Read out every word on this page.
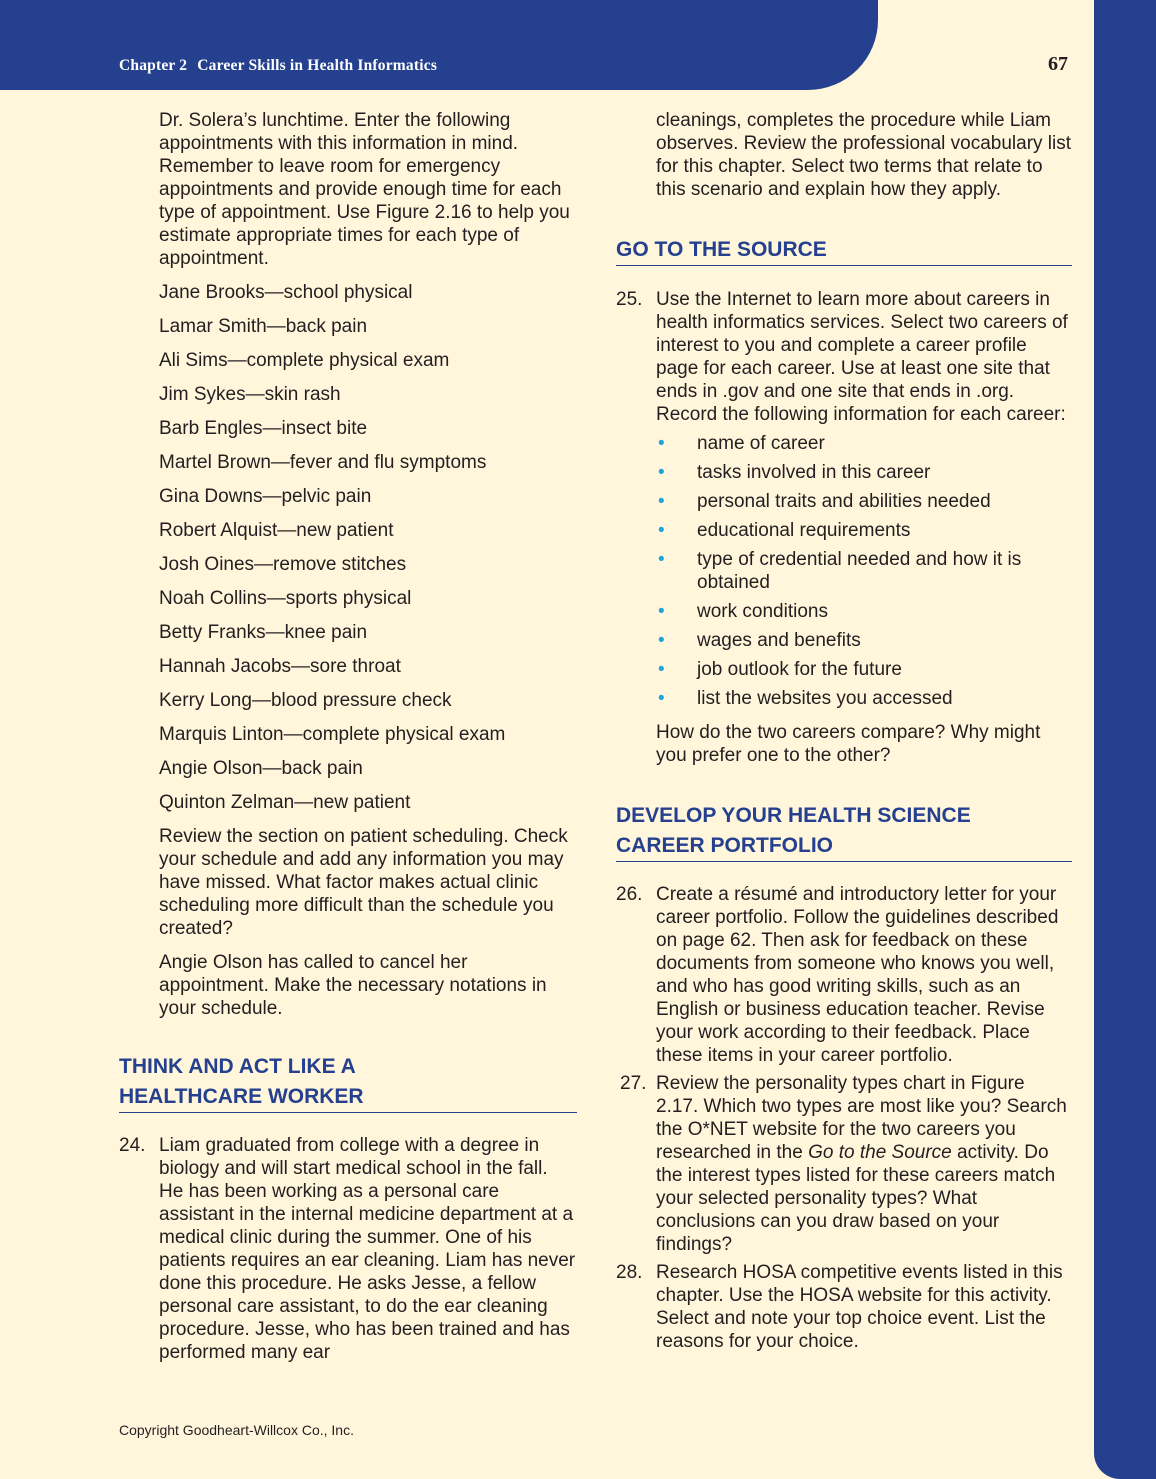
Chapter 2 Career Skills in Health Informatics	67

Dr. Solera’s lunchtime. Enter the following appointments with this information in mind. Remember to leave room for emergency appointments and provide enough time for each type of appointment. Use Figure 2.16 to help you estimate appropriate times for each type of appointment.

Jane Brooks—school physical

Lamar Smith—back pain

Ali Sims—complete physical exam

Jim Sykes—skin rash

Barb Engles—insect bite

Martel Brown—fever and flu symptoms

Gina Downs—pelvic pain

Robert Alquist—new patient

Josh Oines—remove stitches

Noah Collins—sports physical

Betty Franks—knee pain

Hannah Jacobs—sore throat

Kerry Long—blood pressure check

Marquis Linton—complete physical exam

Angie Olson—back pain

Quinton Zelman—new patient

Review the section on patient scheduling. Check your schedule and add any information you may have missed. What factor makes actual clinic scheduling more difficult than the schedule you created?

Angie Olson has called to cancel her appointment. Make the necessary notations in your schedule.

THINK AND ACT LIKE A
HEALTHCARE WORKER
24. Liam graduated from college with a degree in biology and will start medical school in the fall. He has been working as a personal care assistant in the internal medicine department at a medical clinic during the summer. One of his patients requires an ear cleaning. Liam has never done this procedure. He asks Jesse, a fellow personal care assistant, to do the ear cleaning procedure. Jesse, who has been trained and has performed many ear

cleanings, completes the procedure while Liam observes. Review the professional vocabulary list for this chapter. Select two terms that relate to this scenario and explain how they apply.

GO TO THE SOURCE
25. Use the Internet to learn more about careers in health informatics services. Select two careers of interest to you and complete a career profile page for each career. Use at least one site that ends in .gov and one site that ends in .org. Record the following information for each career:

• name of career
• tasks involved in this career
• personal traits and abilities needed
• educational requirements
• type of credential needed and how it is obtained
• work conditions
• wages and benefits
• job outlook for the future
• list the websites you accessed

How do the two careers compare? Why might you prefer one to the other?

DEVELOP YOUR HEALTH SCIENCE
CAREER PORTFOLIO
26. Create a résumé and introductory letter for your career portfolio. Follow the guidelines described on page 62. Then ask for feedback on these documents from someone who knows you well, and who has good writing skills, such as an English or business education teacher. Revise your work according to their feedback. Place these items in your career portfolio.

27. Review the personality types chart in Figure 2.17. Which two types are most like you? Search the O*NET website for the two careers you researched in the Go to the Source activity. Do the interest types listed for these careers match your selected personality types? What conclusions can you draw based on your findings?

28. Research HOSA competitive events listed in this chapter. Use the HOSA website for this activity. Select and note your top choice event. List the reasons for your choice.

Copyright Goodheart-Willcox Co., Inc.
